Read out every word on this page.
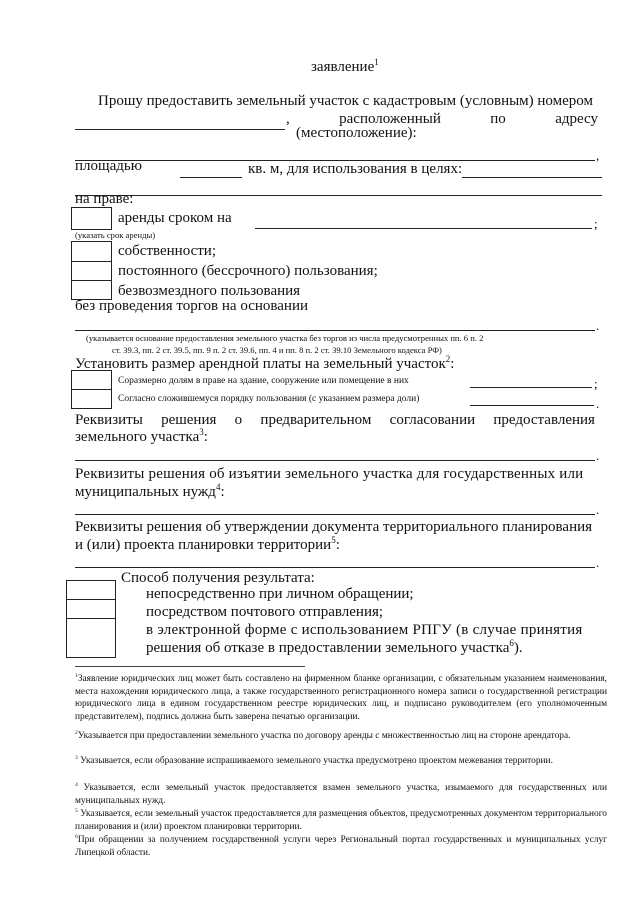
заявление$^1$
Прошу предоставить земельный участок с кадастровым (условным) номером
,	расположенный	по	адресу
(местоположение):
,
площадью	кв. м, для использования в целях:
на праве:
аренды сроком на	;
(указать срок аренды)
собственности;
постоянного (бессрочного) пользования;
безвозмездного пользования
без проведения торгов на основании
.
(указывается основание предоставления земельного участка без торгов из числа предусмотренных пп. 6 п. 2
ст. 39.3, пп. 2 ст. 39.5, пп. 9 п. 2 ст. 39.6, пп. 4 и пп. 8 п. 2 ст. 39.10 Земельного кодекса РФ)
Установить размер арендной платы на земельный участок$^2$:
Соразмерно долям в праве на здание, сооружение или помещение в них	;
Согласно сложившемуся порядку пользования (с указанием размера доли)	.
Реквизиты решения о предварительном согласовании предоставления
земельного участка$^3$:
.
Реквизиты решения об изъятии земельного участка для государственных или
муниципальных нужд$^4$:
.
Реквизиты решения об утверждении документа территориального планирования
и (или) проекта планировки территории$^5$:
.
Способ получения результата:
непосредственно при личном обращении;
посредством почтового отправления;
в электронной форме с использованием РПГУ (в случае принятия
решения об отказе в предоставлении земельного участка$^6$).
$^1$Заявление юридических лиц может быть составлено на фирменном бланке организации, с обязательным указанием наименования, места нахождения юридического лица, а также государственного регистрационного номера записи о государственной регистрации юридического лица в едином государственном реестре юридических лиц, и подписано руководителем (его уполномоченным представителем), подпись должна быть заверена печатью организации.
$^2$Указывается при предоставлении земельного участка по договору аренды с множественностью лиц на стороне арендатора.
$^3$ Указывается, если образование испрашиваемого земельного участка предусмотрено проектом межевания территории.
$^4$ Указывается, если земельный участок предоставляется взамен земельного участка, изымаемого для государственных или муниципальных нужд.
$^5$ Указывается, если земельный участок предоставляется для размещения объектов, предусмотренных документом территориального планирования и (или) проектом планировки территории.
$^6$При обращении за получением государственной услуги через Региональный портал государственных и муниципальных услуг Липецкой области.
